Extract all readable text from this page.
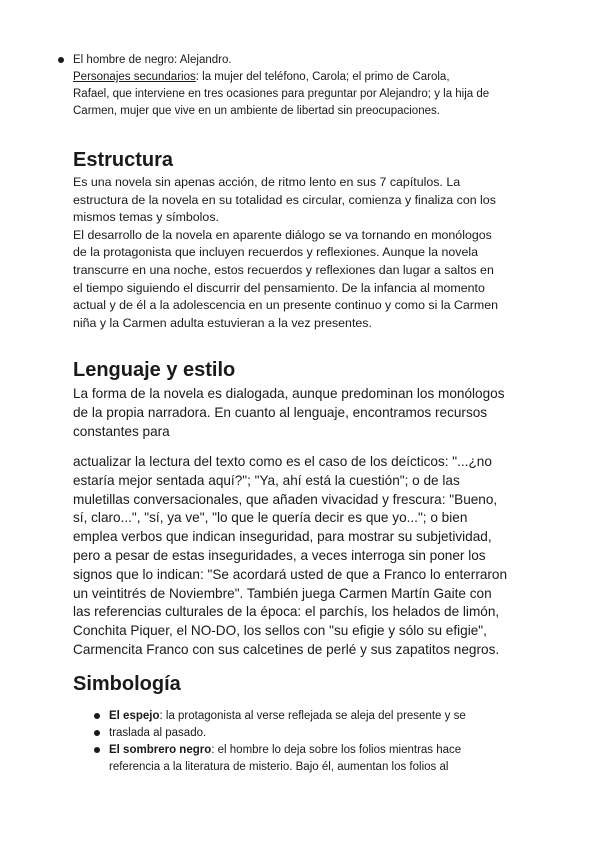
El hombre de negro: Alejandro.
Personajes secundarios: la mujer del teléfono, Carola; el primo de Carola,
Rafael, que interviene en tres ocasiones para preguntar por Alejandro; y la hija de
Carmen, mujer que vive en un ambiente de libertad sin preocupaciones.
Estructura
Es una novela sin apenas acción, de ritmo lento en sus 7 capítulos. La
estructura de la novela en su totalidad es circular, comienza y finaliza con los
mismos temas y símbolos.
El desarrollo de la novela en aparente diálogo se va tornando en monólogos
de la protagonista que incluyen recuerdos y reflexiones. Aunque la novela
transcurre en una noche, estos recuerdos y reflexiones dan lugar a saltos en
el tiempo siguiendo el discurrir del pensamiento. De la infancia al momento
actual y de él a la adolescencia en un presente continuo y como si la Carmen
niña y la Carmen adulta estuvieran a la vez presentes.
Lenguaje y estilo
La forma de la novela es dialogada, aunque predominan los monólogos
de la propia narradora. En cuanto al lenguaje, encontramos recursos
constantes para
actualizar la lectura del texto como es el caso de los deícticos: "...¿no
estaría mejor sentada aquí?"; "Ya, ahí está la cuestión"; o de las
muletillas conversacionales, que añaden vivacidad y frescura: "Bueno,
sí, claro...", "sí, ya ve", "lo que le quería decir es que yo..."; o bien
emplea verbos que indican inseguridad, para mostrar su subjetividad,
pero a pesar de estas inseguridades, a veces interroga sin poner los
signos que lo indican: "Se acordará usted de que a Franco lo enterraron
un veintitrés de Noviembre". También juega Carmen Martín Gaite con
las referencias culturales de la época: el parchís, los helados de limón,
Conchita Piquer, el NO-DO, los sellos con "su efigie y sólo su efigie",
Carmencita Franco con sus calcetines de perlé y sus zapatitos negros.
Simbología
El espejo: la protagonista al verse reflejada se aleja del presente y se
traslada al pasado.
El sombrero negro: el hombre lo deja sobre los folios mientras hace
referencia a la literatura de misterio. Bajo él, aumentan los folios al
